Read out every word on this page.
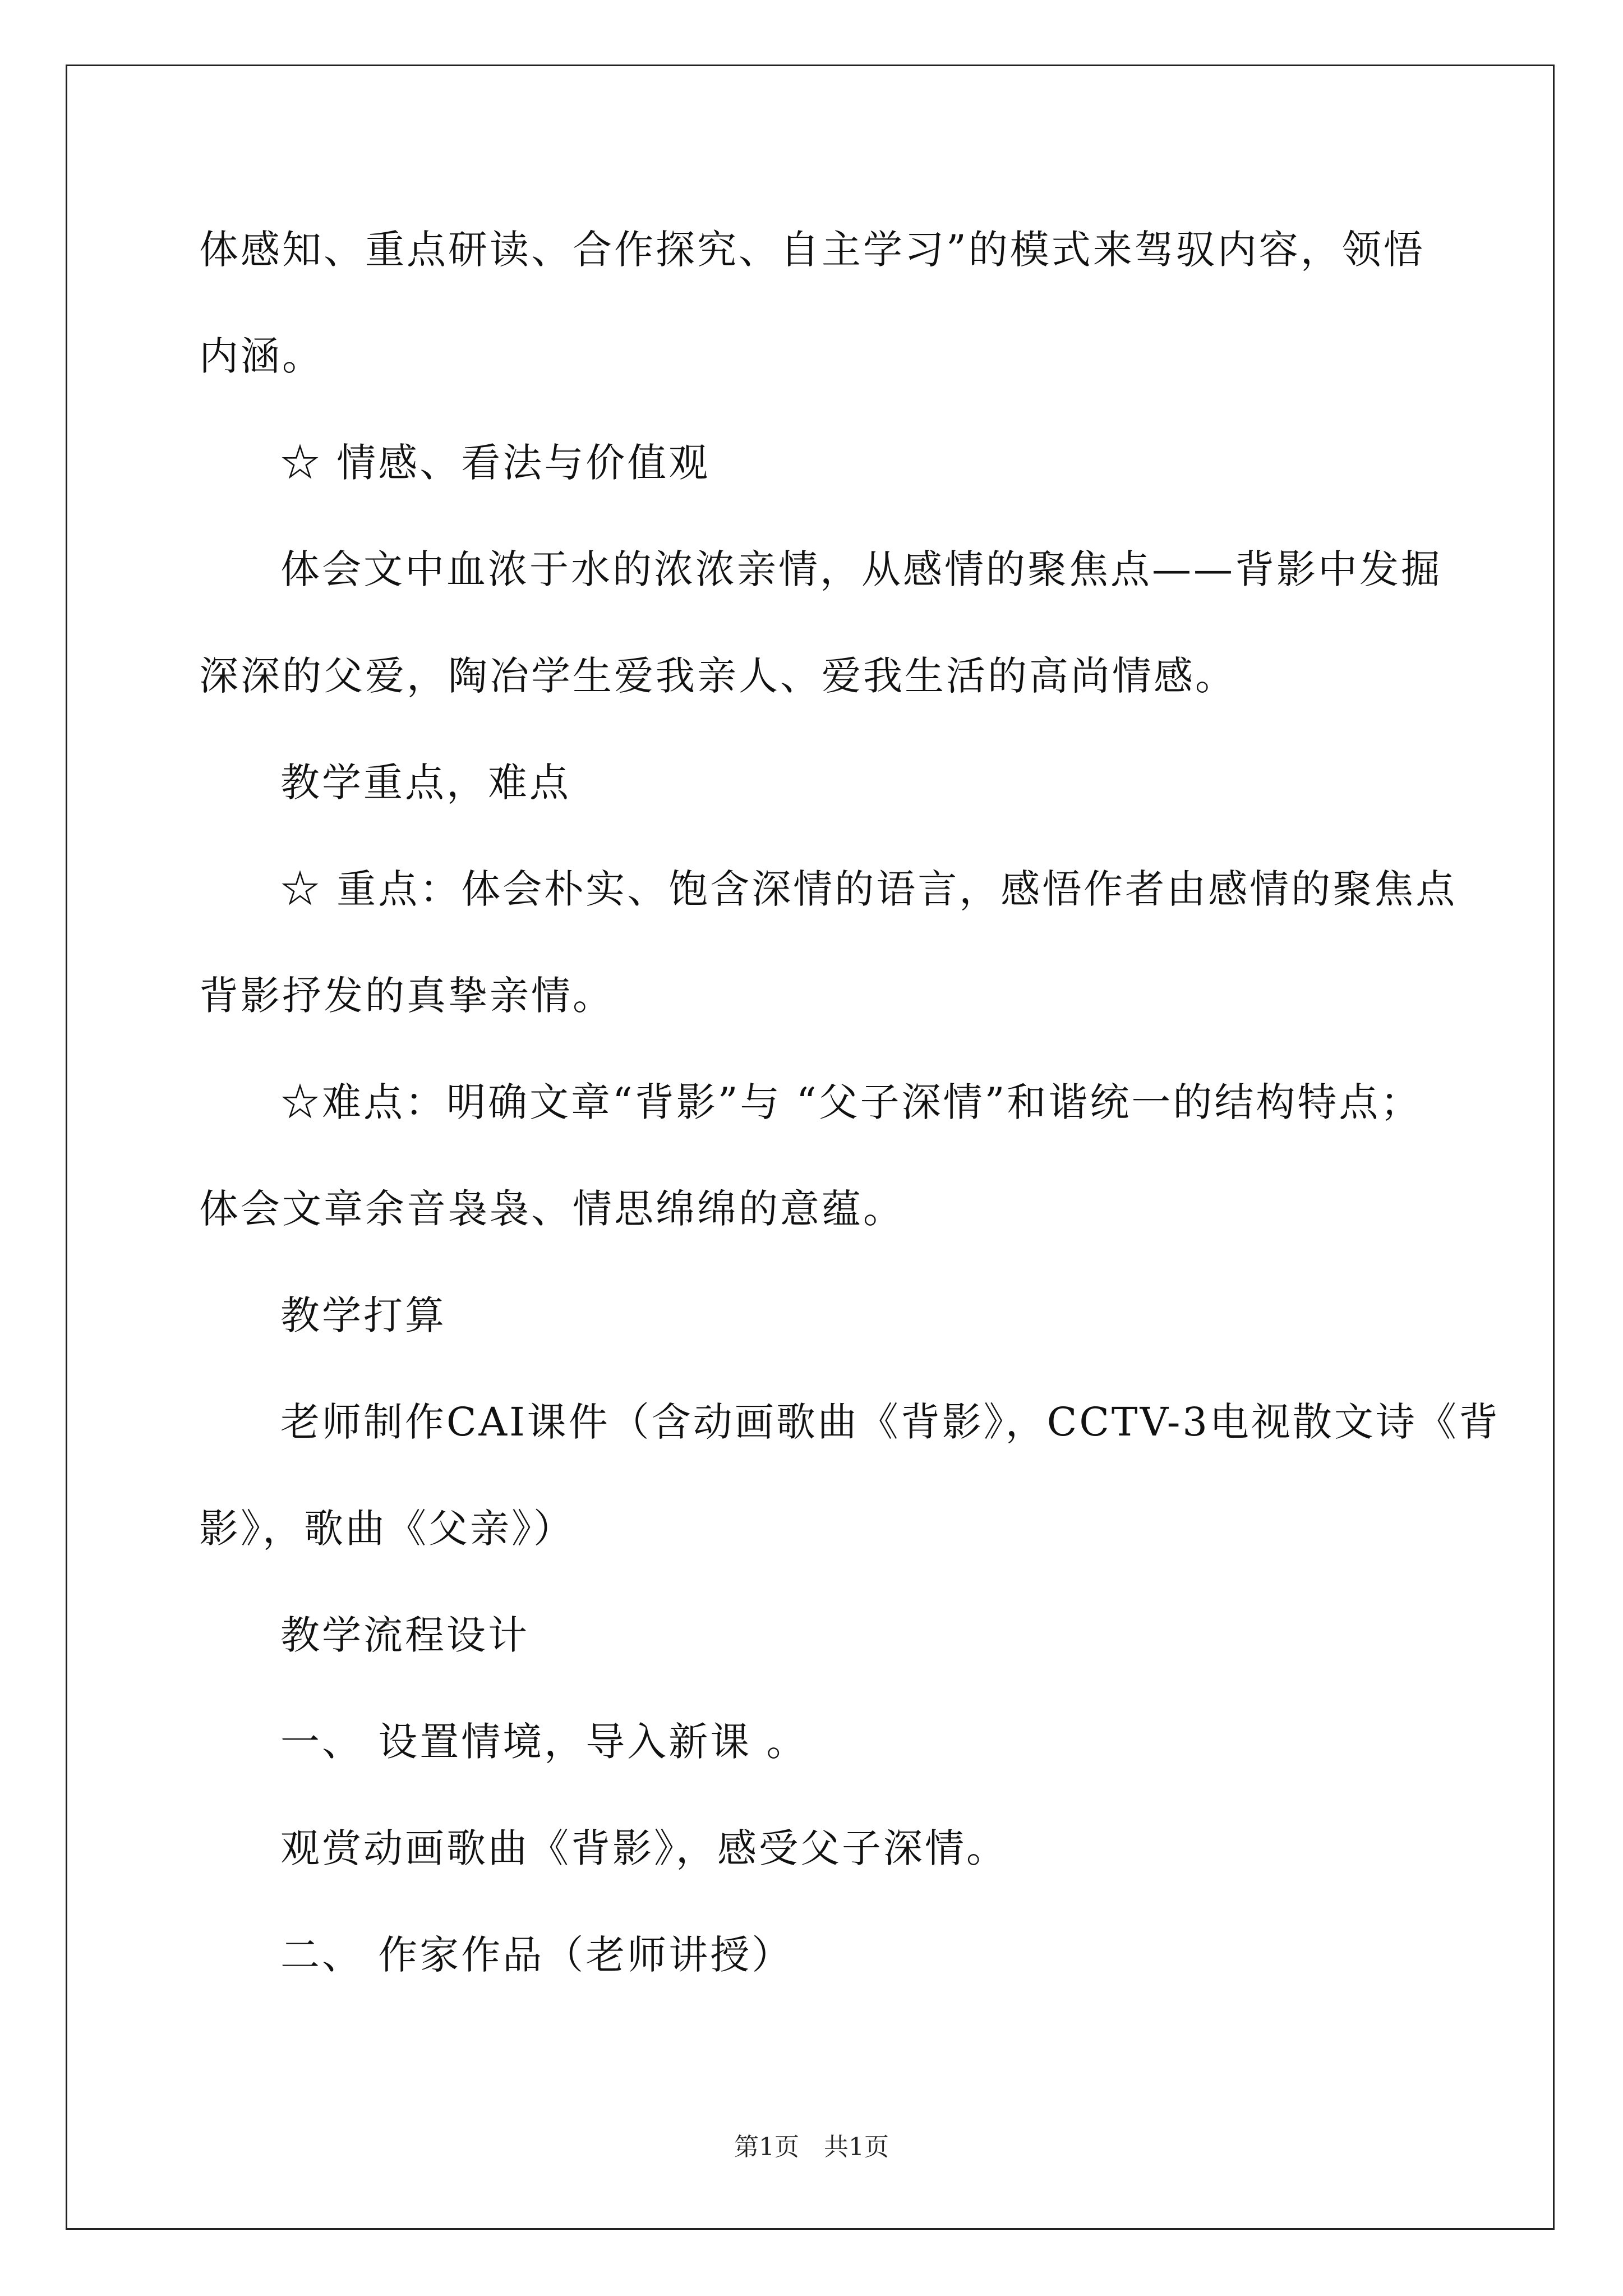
体感知、重点研读、合作探究、自主学习”的模式来驾驭内容，领悟
内涵。
☆ 情感、看法与价值观
体会文中血浓于水的浓浓亲情，从感情的聚焦点——背影中发掘
深深的父爱，陶冶学生爱我亲人、爱我生活的高尚情感。
教学重点，难点
☆ 重点：体会朴实、饱含深情的语言，感悟作者由感情的聚焦点
背影抒发的真挚亲情。
☆难点：明确文章“背影”与 “父子深情”和谐统一的结构特点；
体会文章余音袅袅、情思绵绵的意蕴。
教学打算
老师制作CAI课件（含动画歌曲《背影》，CCTV-3电视散文诗《背
影》，歌曲《父亲》）
教学流程设计
一、 设置情境，导入新课 。
观赏动画歌曲《背影》，感受父子深情。
二、 作家作品（老师讲授）
第1页　共1页
